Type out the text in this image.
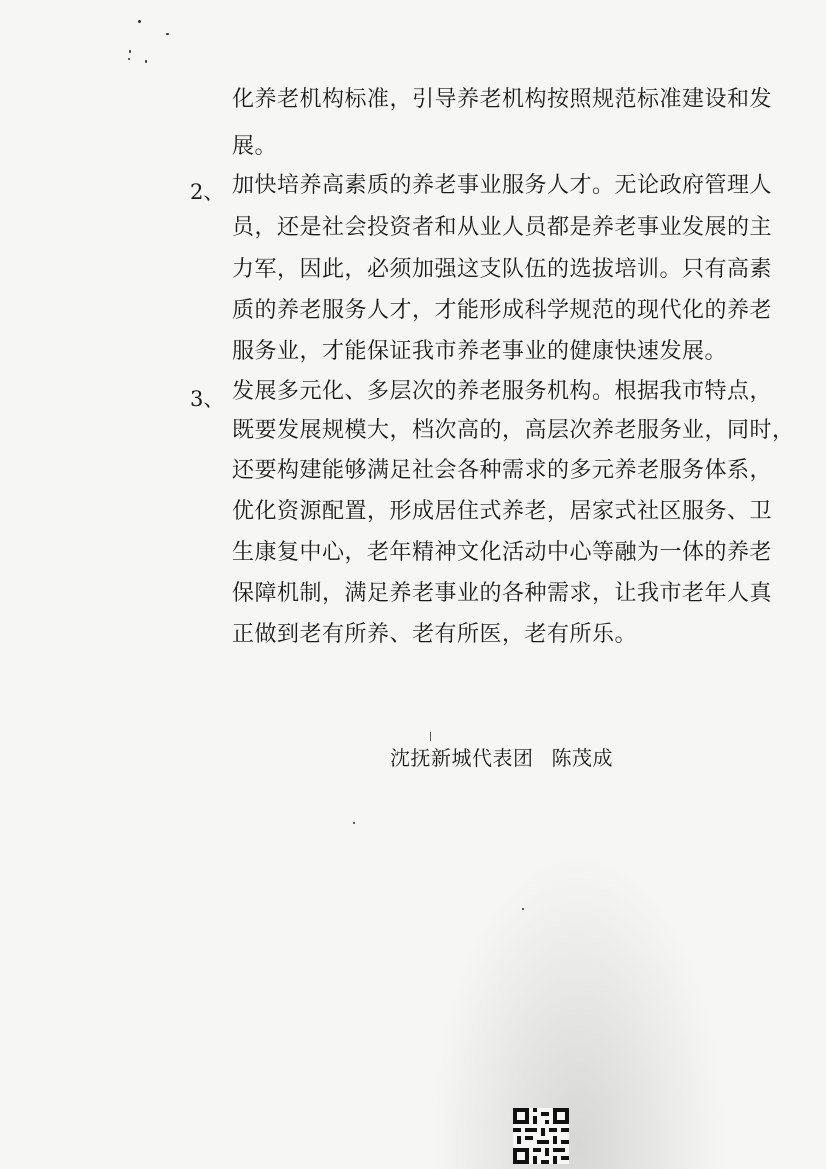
化养老机构标准，引导养老机构按照规范标准建设和发
展。
2、 加快培养高素质的养老事业服务人才。无论政府管理人
员，还是社会投资者和从业人员都是养老事业发展的主
力军，因此，必须加强这支队伍的选拔培训。只有高素
质的养老服务人才，才能形成科学规范的现代化的养老
服务业，才能保证我市养老事业的健康快速发展。
3、 发展多元化、多层次的养老服务机构。根据我市特点，
既要发展规模大，档次高的，高层次养老服务业，同时，
还要构建能够满足社会各种需求的多元养老服务体系，
优化资源配置，形成居住式养老，居家式社区服务、卫
生康复中心，老年精神文化活动中心等融为一体的养老
保障机制，满足养老事业的各种需求，让我市老年人真
正做到老有所养、老有所医，老有所乐。
沈抚新城代表团 陈茂成
